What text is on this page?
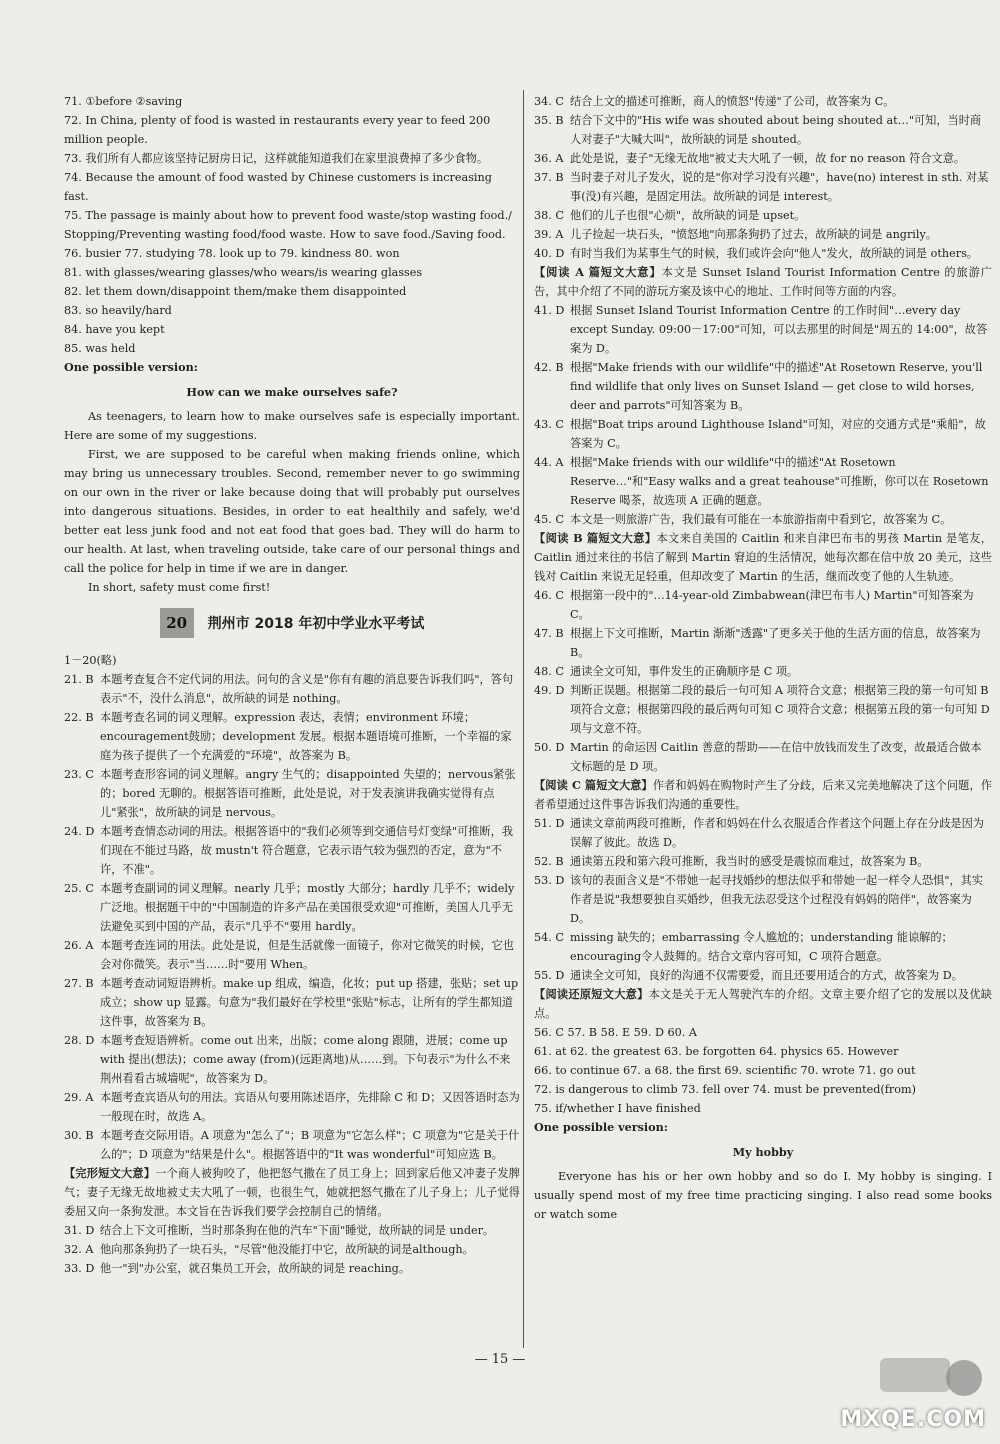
71. ①before ②saving

72. In China, plenty of food is wasted in restaurants every year to feed 200 million people.

73. 我们所有人都应该坚持记厨房日记，这样就能知道我们在家里浪费掉了多少食物。

74. Because the amount of food wasted by Chinese customers is increasing fast.

75. The passage is mainly about how to prevent food waste/stop wasting food./ Stopping/Preventing wasting food/food waste. How to save food./Saving food.

76. busier 77. studying 78. look up to 79. kindness 80. won

81. with glasses/wearing glasses/who wears/is wearing glasses

82. let them down/disappoint them/make them disappointed

83. so heavily/hard

84. have you kept

85. was held

One possible version:

How can we make ourselves safe?

As teenagers, to learn how to make ourselves safe is especially important. Here are some of my suggestions.

First, we are supposed to be careful when making friends online, which may bring us unnecessary troubles. Second, remember never to go swimming on our own in the river or lake because doing that will probably put ourselves into dangerous situations. Besides, in order to eat healthily and safely, we'd better eat less junk food and not eat food that goes bad. They will do harm to our health. At last, when traveling outside, take care of our personal things and call the police for help in time if we are in danger.

In short, safety must come first!

20	荆州市 2018 年初中学业水平考试

1－20(略)

21. B 本题考查复合不定代词的用法。问句的含义是"你有有趣的消息要告诉我们吗"，答句表示"不，没什么消息"，故所缺的词是 nothing。
22. B 本题考查名词的词义理解。expression 表达，表情；environment 环境；encouragement鼓励；development 发展。根据本题语境可推断，一个幸福的家庭为孩子提供了一个充满爱的"环境"，故答案为 B。
23. C 本题考查形容词的词义理解。angry 生气的；disappointed 失望的；nervous紧张的；bored 无聊的。根据答语可推断，此处是说，对于发表演讲我确实觉得有点儿"紧张"，故所缺的词是 nervous。
24. D 本题考查情态动词的用法。根据答语中的"我们必须等到交通信号灯变绿"可推断，我们现在不能过马路，故 mustn't 符合题意，它表示语气较为强烈的否定，意为"不许，不准"。
25. C 本题考查副词的词义理解。nearly 几乎；mostly 大部分；hardly 几乎不；widely 广泛地。根据题干中的"中国制造的许多产品在美国很受欢迎"可推断，美国人几乎无法避免买到中国的产品，表示"几乎不"要用 hardly。
26. A 本题考查连词的用法。此处是说，但是生活就像一面镜子，你对它微笑的时候，它也会对你微笑。表示"当……时"要用 When。
27. B 本题考查动词短语辨析。make up 组成，编造，化妆；put up 搭建，张贴；set up 成立；show up 显露。句意为"我们最好在学校里"张贴"标志，让所有的学生都知道这件事，故答案为 B。
28. D 本题考查短语辨析。come out 出来，出版；come along 跟随，进展；come up with 提出(想法)；come away (from)(远距离地)从……到。下句表示"为什么不来荆州看看古城墙呢"，故答案为 D。
29. A 本题考查宾语从句的用法。宾语从句要用陈述语序，先排除 C 和 D；又因答语时态为一般现在时，故选 A。
30. B 本题考查交际用语。A 项意为"怎么了"；B 项意为"它怎么样"；C 项意为"它是关于什么的"；D 项意为"结果是什么"。根据答语中的"It was wonderful"可知应选 B。

【完形短文大意】一个商人被狗咬了，他把怒气撒在了员工身上；回到家后他又冲妻子发脾气；妻子无缘无故地被丈夫大吼了一顿，也很生气，她就把怒气撒在了儿子身上；儿子觉得委屈又向一条狗发泄。本文旨在告诉我们要学会控制自己的情绪。

31. D 结合上下文可推断，当时那条狗在他的汽车"下面"睡觉，故所缺的词是 under。
32. A 他向那条狗扔了一块石头，"尽管"他没能打中它，故所缺的词是although。
33. D 他一"到"办公室，就召集员工开会，故所缺的词是 reaching。
34. C 结合上文的描述可推断，商人的愤怒"传递"了公司，故答案为 C。
35. B 结合下文中的"His wife was shouted about being shouted at…"可知，当时商人对妻子"大喊大叫"，故所缺的词是 shouted。
36. A 此处是说，妻子"无缘无故地"被丈夫大吼了一顿，故 for no reason 符合文意。
37. B 当时妻子对儿子发火，说的是"你对学习没有兴趣"，have(no) interest in sth. 对某事(没)有兴趣，是固定用法。故所缺的词是 interest。
38. C 他们的儿子也很"心烦"，故所缺的词是 upset。
39. A 儿子捡起一块石头，"愤怒地"向那条狗扔了过去，故所缺的词是 angrily。
40. D 有时当我们为某事生气的时候，我们或许会向"他人"发火，故所缺的词是 others。

【阅读 A 篇短文大意】本文是 Sunset Island Tourist Information Centre 的旅游广告，其中介绍了不同的游玩方案及该中心的地址、工作时间等方面的内容。

41. D 根据 Sunset Island Tourist Information Centre 的工作时间"…every day except Sunday. 09:00－17:00"可知，可以去那里的时间是"周五的 14:00"，故答案为 D。
42. B 根据"Make friends with our wildlife"中的描述"At Rosetown Reserve, you'll find wildlife that only lives on Sunset Island — get close to wild horses, deer and parrots"可知答案为 B。
43. C 根据"Boat trips around Lighthouse Island"可知，对应的交通方式是"乘船"，故答案为 C。
44. A 根据"Make friends with our wildlife"中的描述"At Rosetown Reserve…"和"Easy walks and a great teahouse"可推断，你可以在 Rosetown Reserve 喝茶，故选项 A 正确的题意。
45. C 本文是一则旅游广告，我们最有可能在一本旅游指南中看到它，故答案为 C。

【阅读 B 篇短文大意】本文来自美国的 Caitlin 和来自津巴布韦的男孩 Martin 是笔友，Caitlin 通过来往的书信了解到 Martin 窘迫的生活情况，她每次都在信中放 20 美元，这些钱对 Caitlin 来说无足轻重，但却改变了 Martin 的生活，继而改变了他的人生轨迹。

46. C 根据第一段中的"…14-year-old Zimbabwean(津巴布韦人) Martin"可知答案为 C。
47. B 根据上下文可推断，Martin 渐渐"透露"了更多关于他的生活方面的信息，故答案为 B。
48. C 通读全文可知，事件发生的正确顺序是 C 项。
49. D 判断正误题。根据第二段的最后一句可知 A 项符合文意；根据第三段的第一句可知 B 项符合文意；根据第四段的最后两句可知 C 项符合文意；根据第五段的第一句可知 D 项与文意不符。
50. D Martin 的命运因 Caitlin 善意的帮助——在信中放钱而发生了改变，故最适合做本文标题的是 D 项。

【阅读 C 篇短文大意】作者和妈妈在购物时产生了分歧，后来又完美地解决了这个问题，作者希望通过这件事告诉我们沟通的重要性。

51. D 通读文章前两段可推断，作者和妈妈在什么衣服适合作者这个问题上存在分歧是因为误解了彼此。故选 D。
52. B 通读第五段和第六段可推断，我当时的感受是震惊而难过，故答案为 B。
53. D 该句的表面含义是"不带她一起寻找婚纱的想法似乎和带她一起一样令人恐惧"，其实作者是说"我想要独自买婚纱，但我无法忍受这个过程没有妈妈的陪伴"，故答案为 D。
54. C missing 缺失的；embarrassing 令人尴尬的；understanding 能谅解的；encouraging令人鼓舞的。结合文章内容可知，C 项符合题意。
55. D 通读全文可知，良好的沟通不仅需要爱，而且还要用适合的方式，故答案为 D。

【阅读还原短文大意】本文是关于无人驾驶汽车的介绍。文章主要介绍了它的发展以及优缺点。

56. C 57. B 58. E 59. D 60. A

61. at 62. the greatest 63. be forgotten 64. physics 65. However

66. to continue 67. a 68. the first 69. scientific 70. wrote 71. go out

72. is dangerous to climb 73. fell over 74. must be prevented(from)

75. if/whether I have finished

One possible version:

My hobby

Everyone has his or her own hobby and so do I. My hobby is singing. I usually spend most of my free time practicing singing. I also read some books or watch some

— 15 —
MXQE.COM
